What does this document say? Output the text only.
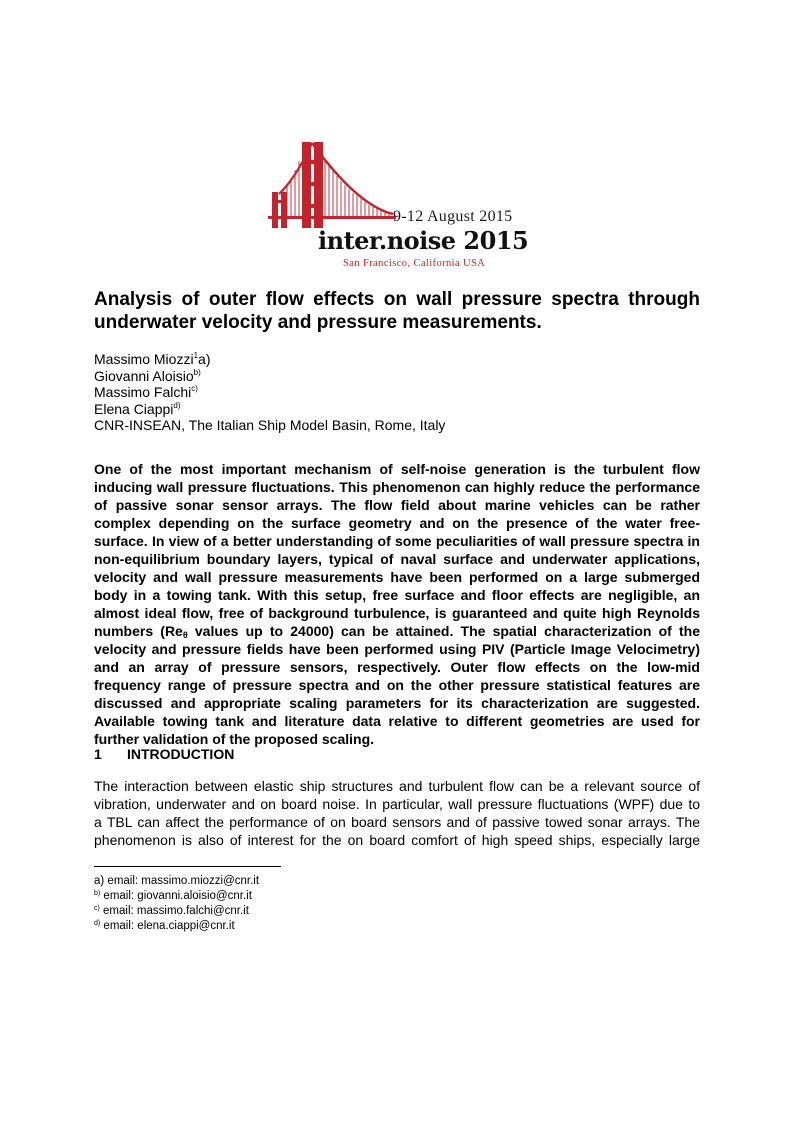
9-12 August 2015
inter.noise 2015
San Francisco, California USA
Analysis of outer flow effects on wall pressure spectra through underwater velocity and pressure measurements.
Massimo Miozzi$^1$a)
Giovanni Aloisio$^{b)}$
Massimo Falchi$^{c)}$
Elena Ciappi$^{d)}$
CNR-INSEAN, The Italian Ship Model Basin, Rome, Italy

One of the most important mechanism of self-noise generation is the turbulent flow inducing wall pressure fluctuations. This phenomenon can highly reduce the performance of passive sonar sensor arrays. The flow field about marine vehicles can be rather complex depending on the surface geometry and on the presence of the water free-surface. In view of a better understanding of some peculiarities of wall pressure spectra in non-equilibrium boundary layers, typical of naval surface and underwater applications, velocity and wall pressure measurements have been performed on a large submerged body in a towing tank. With this setup, free surface and floor effects are negligible, an almost ideal flow, free of background turbulence, is guaranteed and quite high Reynolds numbers ($Re_\theta$ values up to 24000) can be attained. The spatial characterization of the velocity and pressure fields have been performed using PIV (Particle Image Velocimetry) and an array of pressure sensors, respectively. Outer flow effects on the low-mid frequency range of pressure spectra and on the other pressure statistical features are discussed and appropriate scaling parameters for its characterization are suggested. Available towing tank and literature data relative to different geometries are used for further validation of the proposed scaling.

1 INTRODUCTION
The interaction between elastic ship structures and turbulent flow can be a relevant source of
vibration, underwater and on board noise. In particular, wall pressure fluctuations (WPF) due to
a TBL can affect the performance of on board sensors and of passive towed sonar arrays. The
phenomenon is also of interest for the on board comfort of high speed ships, especially large
a) email: massimo.miozzi@cnr.it
$^{b)}$ email: giovanni.aloisio@cnr.it
$^{c)}$ email: massimo.falchi@cnr.it
$^{d)}$ email: elena.ciappi@cnr.it
